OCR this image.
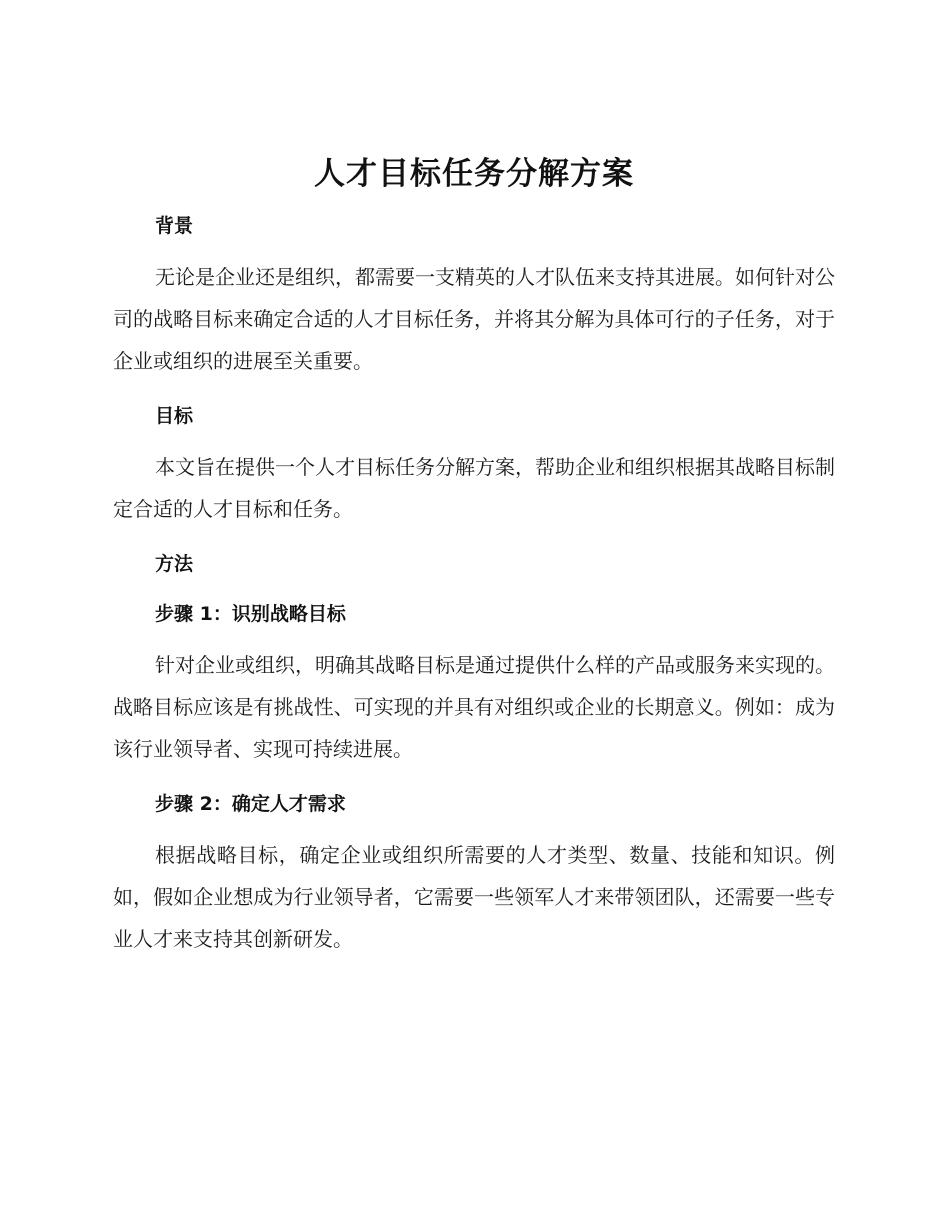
人才目标任务分解方案
背景

无论是企业还是组织，都需要一支精英的人才队伍来支持其进展。如何针对公司的战略目标来确定合适的人才目标任务，并将其分解为具体可行的子任务，对于企业或组织的进展至关重要。

目标

本文旨在提供一个人才目标任务分解方案，帮助企业和组织根据其战略目标制定合适的人才目标和任务。

方法
步骤 1：识别战略目标

针对企业或组织，明确其战略目标是通过提供什么样的产品或服务来实现的。战略目标应该是有挑战性、可实现的并具有对组织或企业的长期意义。例如：成为该行业领导者、实现可持续进展。

步骤 2：确定人才需求

根据战略目标，确定企业或组织所需要的人才类型、数量、技能和知识。例如，假如企业想成为行业领导者，它需要一些领军人才来带领团队，还需要一些专业人才来支持其创新研发。
